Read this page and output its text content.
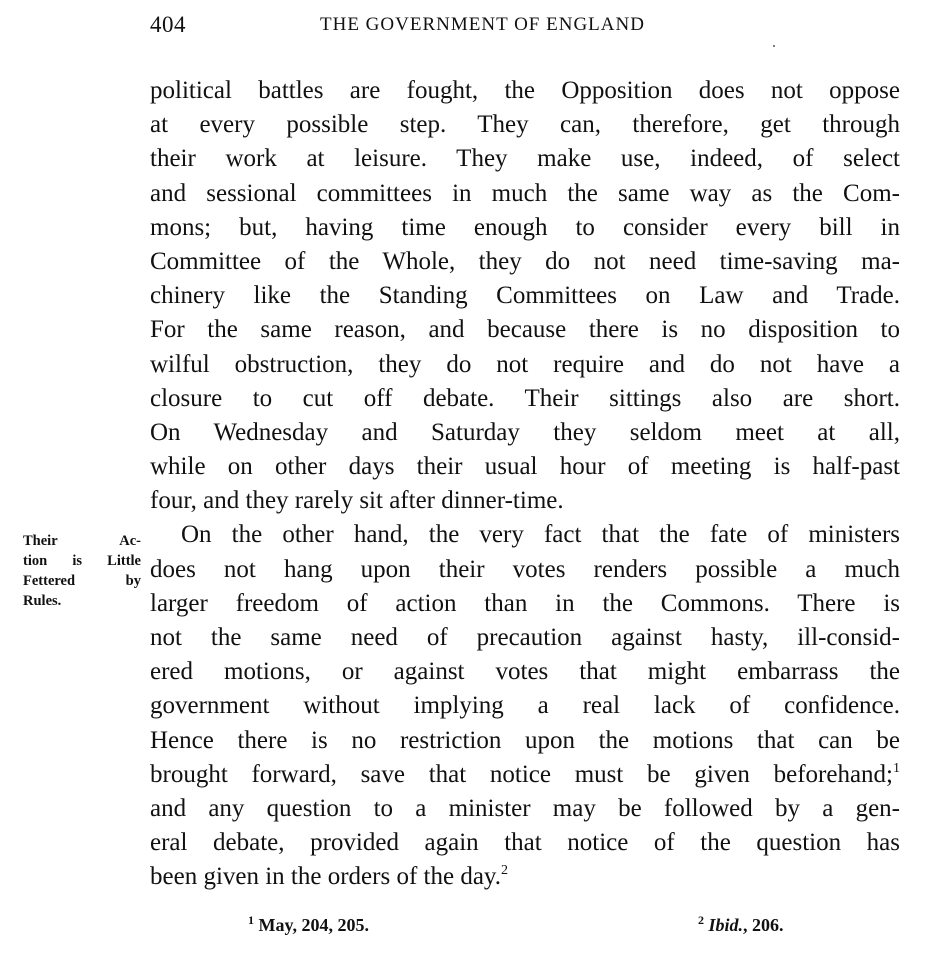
404	THE GOVERNMENT OF ENGLAND
Their Ac-
tion is Little
Fettered by
Rules.
political battles are fought, the Opposition does not oppose
at every possible step. They can, therefore, get through
their work at leisure. They make use, indeed, of select
and sessional committees in much the same way as the Com-
mons; but, having time enough to consider every bill in
Committee of the Whole, they do not need time-saving ma-
chinery like the Standing Committees on Law and Trade.
For the same reason, and because there is no disposition to
wilful obstruction, they do not require and do not have a
closure to cut off debate. Their sittings also are short.
On Wednesday and Saturday they seldom meet at all,
while on other days their usual hour of meeting is half-past
four, and they rarely sit after dinner-time.
On the other hand, the very fact that the fate of ministers
does not hang upon their votes renders possible a much
larger freedom of action than in the Commons. There is
not the same need of precaution against hasty, ill-consid-
ered motions, or against votes that might embarrass the
government without implying a real lack of confidence.
Hence there is no restriction upon the motions that can be
brought forward, save that notice must be given beforehand;$^1$
and any question to a minister may be followed by a gen-
eral debate, provided again that notice of the question has
been given in the orders of the day.$^2$
$^1$ May, 204, 205.	$^2$ Ibid., 206.
